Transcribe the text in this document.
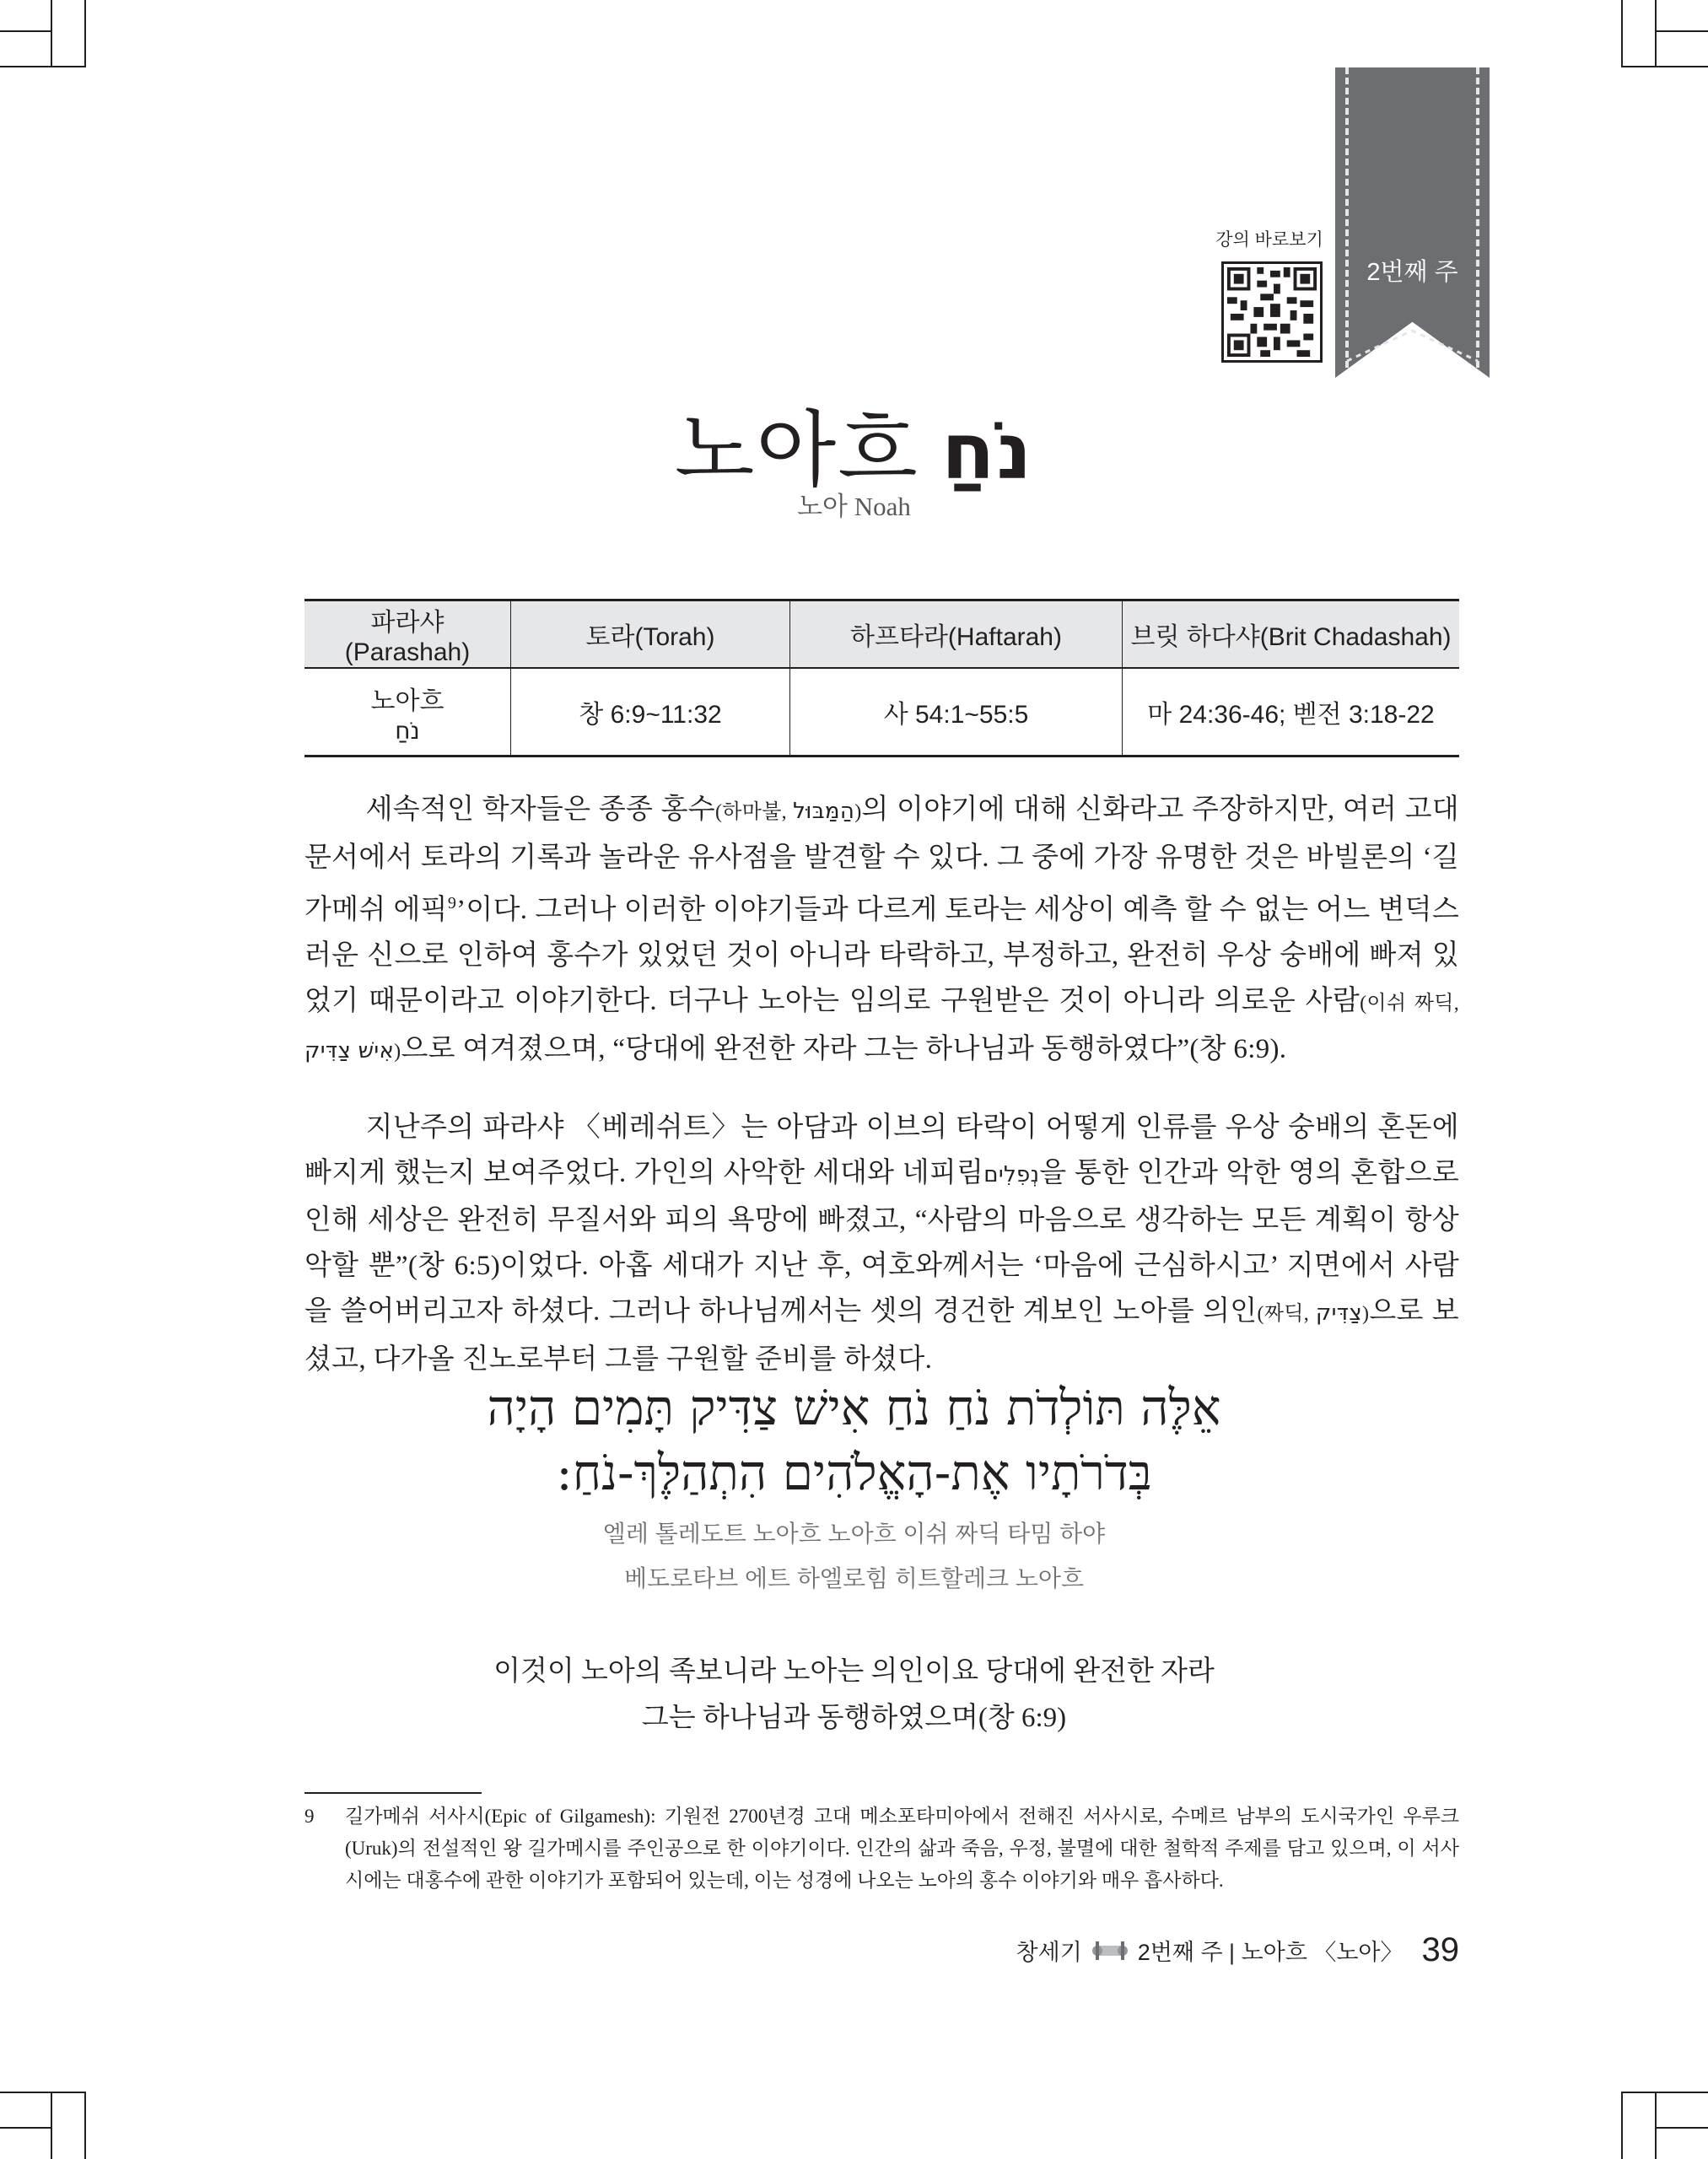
2번째 주
강의 바로보기
노아흐 נֹחַ
노아 Noah
파라샤(Parashah)	토라(Torah)	하프타라(Haftarah)	브릿 하다샤(Brit Chadashah)

노아흐
נֹחַ	창 6:9~11:32	사 54:1~55:5	마 24:36-46; 벧전 3:18-22
세속적인 학자들은 종종 홍수(하마불, הַמַּבּוּל)의 이야기에 대해 신화라고 주장하지만, 여러 고대 문서에서 토라의 기록과 놀라운 유사점을 발견할 수 있다. 그 중에 가장 유명한 것은 바빌론의 ‘길가메쉬 에픽$^9$’이다. 그러나 이러한 이야기들과 다르게 토라는 세상이 예측 할 수 없는 어느 변덕스러운 신으로 인하여 홍수가 있었던 것이 아니라 타락하고, 부정하고, 완전히 우상 숭배에 빠져 있었기 때문이라고 이야기한다. 더구나 노아는 임의로 구원받은 것이 아니라 의로운 사람(이쉬 짜딕, אִישׁ צַדִּיק)으로 여겨졌으며, “당대에 완전한 자라 그는 하나님과 동행하였다”(창 6:9).
지난주의 파라샤 〈베레쉬트〉는 아담과 이브의 타락이 어떻게 인류를 우상 숭배의 혼돈에 빠지게 했는지 보여주었다. 가인의 사악한 세대와 네피림נְפִלִים을 통한 인간과 악한 영의 혼합으로 인해 세상은 완전히 무질서와 피의 욕망에 빠졌고, “사람의 마음으로 생각하는 모든 계획이 항상 악할 뿐”(창 6:5)이었다. 아홉 세대가 지난 후, 여호와께서는 ‘마음에 근심하시고’ 지면에서 사람을 쓸어버리고자 하셨다. 그러나 하나님께서는 셋의 경건한 계보인 노아를 의인(짜딕, צַדִּיק)으로 보셨고, 다가올 진노로부터 그를 구원할 준비를 하셨다.
אֵלֶּה תּוֹלְדֹת נֹחַ נֹחַ אִישׁ צַדִּיק תָּמִים הָיָה
בְּדֹרֹתָיו אֶת-הָאֱלֹהִים הִתְהַלֶּךְ-נֹחַ:
엘레 톨레도트 노아흐 노아흐 이쉬 짜딕 타밈 하야
베도로타브 에트 하엘로힘 히트할레크 노아흐
이것이 노아의 족보니라 노아는 의인이요 당대에 완전한 자라
그는 하나님과 동행하였으며(창 6:9)
9 길가메쉬 서사시(Epic of Gilgamesh): 기원전 2700년경 고대 메소포타미아에서 전해진 서사시로, 수메르 남부의 도시국가인 우루크(Uruk)의 전설적인 왕 길가메시를 주인공으로 한 이야기이다. 인간의 삶과 죽음, 우정, 불멸에 대한 철학적 주제를 담고 있으며, 이 서사시에는 대홍수에 관한 이야기가 포함되어 있는데, 이는 성경에 나오는 노아의 홍수 이야기와 매우 흡사하다.
창세기 2번째 주 | 노아흐 〈노아〉 39
